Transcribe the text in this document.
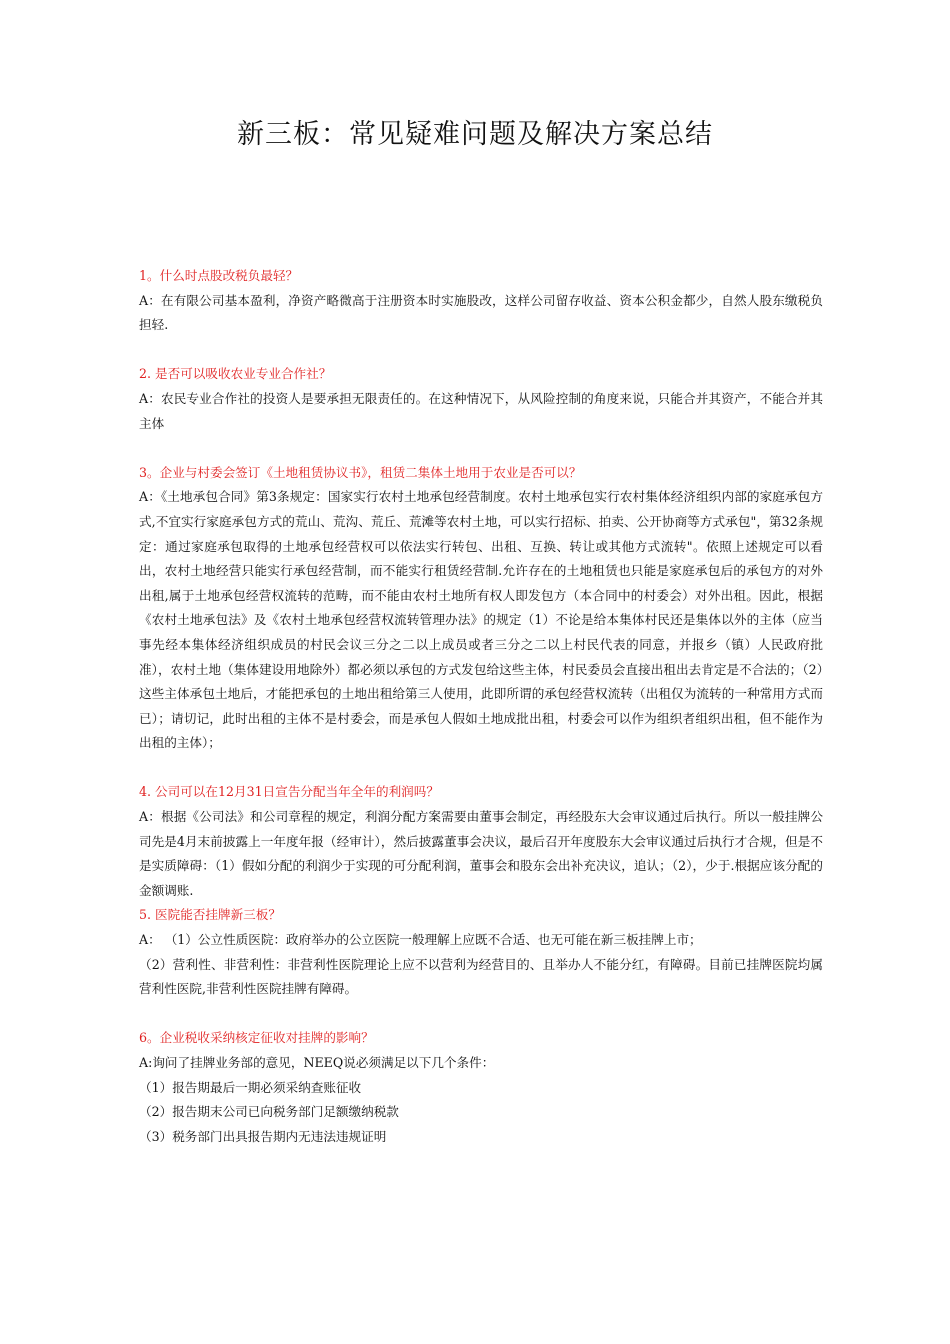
新三板：常见疑难问题及解决方案总结

1。什么时点股改税负最轻？

A：在有限公司基本盈利，净资产略微高于注册资本时实施股改，这样公司留存收益、资本公积金都少，自然人股东缴税负担轻.

2. 是否可以吸收农业专业合作社？

A：农民专业合作社的投资人是要承担无限责任的。在这种情况下，从风险控制的角度来说，只能合并其资产，不能合并其主体

3。企业与村委会签订《土地租赁协议书》，租赁二集体土地用于农业是否可以？

A：《土地承包合同》第3条规定：国家实行农村土地承包经营制度。农村土地承包实行农村集体经济组织内部的家庭承包方式,不宜实行家庭承包方式的荒山、荒沟、荒丘、荒滩等农村土地，可以实行招标、拍卖、公开协商等方式承包"，第32条规定：通过家庭承包取得的土地承包经营权可以依法实行转包、出租、互换、转让或其他方式流转"。依照上述规定可以看出，农村土地经营只能实行承包经营制，而不能实行租赁经营制.允许存在的土地租赁也只能是家庭承包后的承包方的对外出租,属于土地承包经营权流转的范畴，而不能由农村土地所有权人即发包方（本合同中的村委会）对外出租。因此，根据《农村土地承包法》及《农村土地承包经营权流转管理办法》的规定（1）不论是给本集体村民还是集体以外的主体（应当事先经本集体经济组织成员的村民会议三分之二以上成员或者三分之二以上村民代表的同意，并报乡（镇）人民政府批准），农村土地（集体建设用地除外）都必须以承包的方式发包给这些主体，村民委员会直接出租出去肯定是不合法的；（2）这些主体承包土地后，才能把承包的土地出租给第三人使用，此即所谓的承包经营权流转（出租仅为流转的一种常用方式而已）；请切记，此时出租的主体不是村委会，而是承包人假如土地成批出租，村委会可以作为组织者组织出租，但不能作为出租的主体）；

4. 公司可以在12月31日宣告分配当年全年的利润吗？

A：根据《公司法》和公司章程的规定，利润分配方案需要由董事会制定，再经股东大会审议通过后执行。所以一般挂牌公司先是4月末前披露上一年度年报（经审计），然后披露董事会决议，最后召开年度股东大会审议通过后执行才合规，但是不是实质障碍：（1）假如分配的利润少于实现的可分配利润，董事会和股东会出补充决议，追认；（2），少于.根据应该分配的金额调账.

5. 医院能否挂牌新三板？

A： （1）公立性质医院：政府举办的公立医院一般理解上应既不合适、也无可能在新三板挂牌上市；

（2）营利性、非营利性：非营利性医院理论上应不以营利为经营目的、且举办人不能分红，有障碍。目前已挂牌医院均属营利性医院,非营利性医院挂牌有障碍。

6。企业税收采纳核定征收对挂牌的影响？

A:询问了挂牌业务部的意见，NEEQ说必须满足以下几个条件：

（1）报告期最后一期必须采纳查账征收

（2）报告期末公司已向税务部门足额缴纳税款

（3）税务部门出具报告期内无违法违规证明
